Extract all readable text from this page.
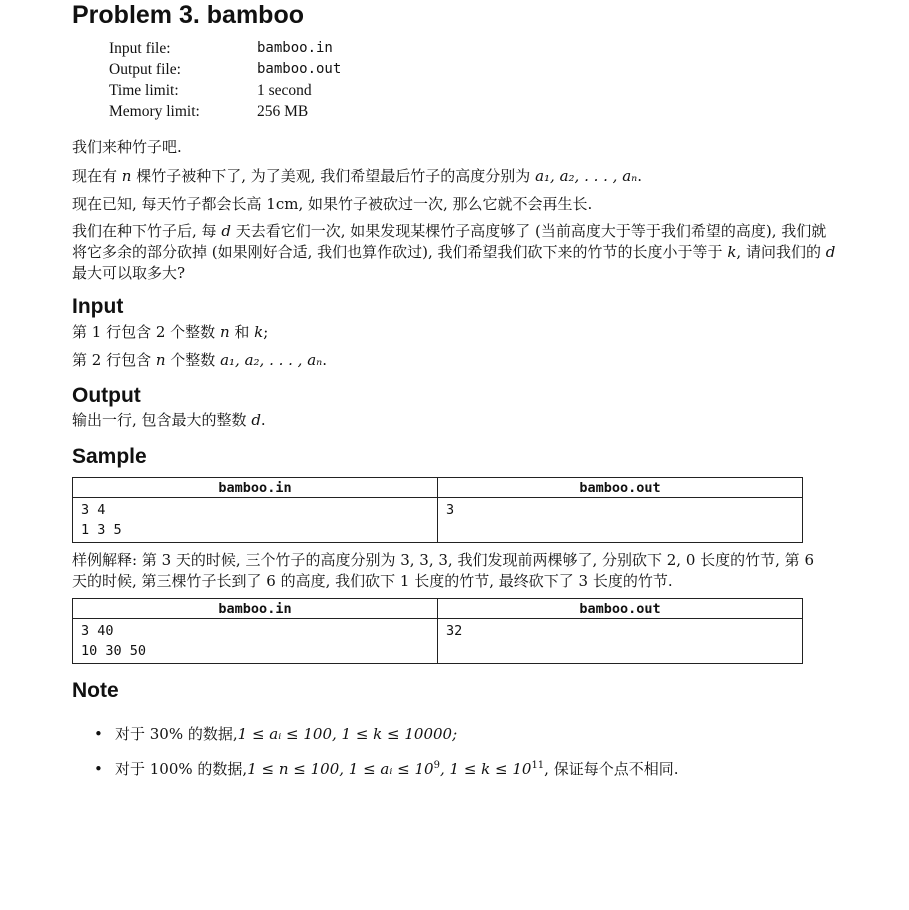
Problem 3. bamboo
Input file:	bamboo.in
Output file:	bamboo.out
Time limit:	1 second
Memory limit:	256 MB

我们来种竹子吧.

现在有 n 棵竹子被种下了, 为了美观, 我们希望最后竹子的高度分别为 a₁, a₂, . . . , aₙ.

现在已知, 每天竹子都会长高 1cm, 如果竹子被砍过一次, 那么它就不会再生长.

我们在种下竹子后, 每 d 天去看它们一次, 如果发现某棵竹子高度够了 (当前高度大于等于我们希望的高度), 我们就将它多余的部分砍掉 (如果刚好合适, 我们也算作砍过), 我们希望我们砍下来的竹节的长度小于等于 k, 请问我们的 d 最大可以取多大?

Input

第 1 行包含 2 个整数 n 和 k;

第 2 行包含 n 个整数 a₁, a₂, . . . , aₙ.

Output

输出一行, 包含最大的整数 d.

Sample
bamboo.in	bamboo.out

3 4
1 3 5	3

样例解释: 第 3 天的时候, 三个竹子的高度分别为 3, 3, 3, 我们发现前两棵够了, 分别砍下 2, 0 长度的竹节, 第 6 天的时候, 第三棵竹子长到了 6 的高度, 我们砍下 1 长度的竹节, 最终砍下了 3 长度的竹节.

bamboo.in	bamboo.out

3 40
10 30 50	32
Note
• 对于 30% 的数据,1 ≤ aᵢ ≤ 100, 1 ≤ k ≤ 10000;
• 对于 100% 的数据,1 ≤ n ≤ 100, 1 ≤ aᵢ ≤ $10^9$, $1 \le k \le 10^{11}$, 保证每个点不相同.
